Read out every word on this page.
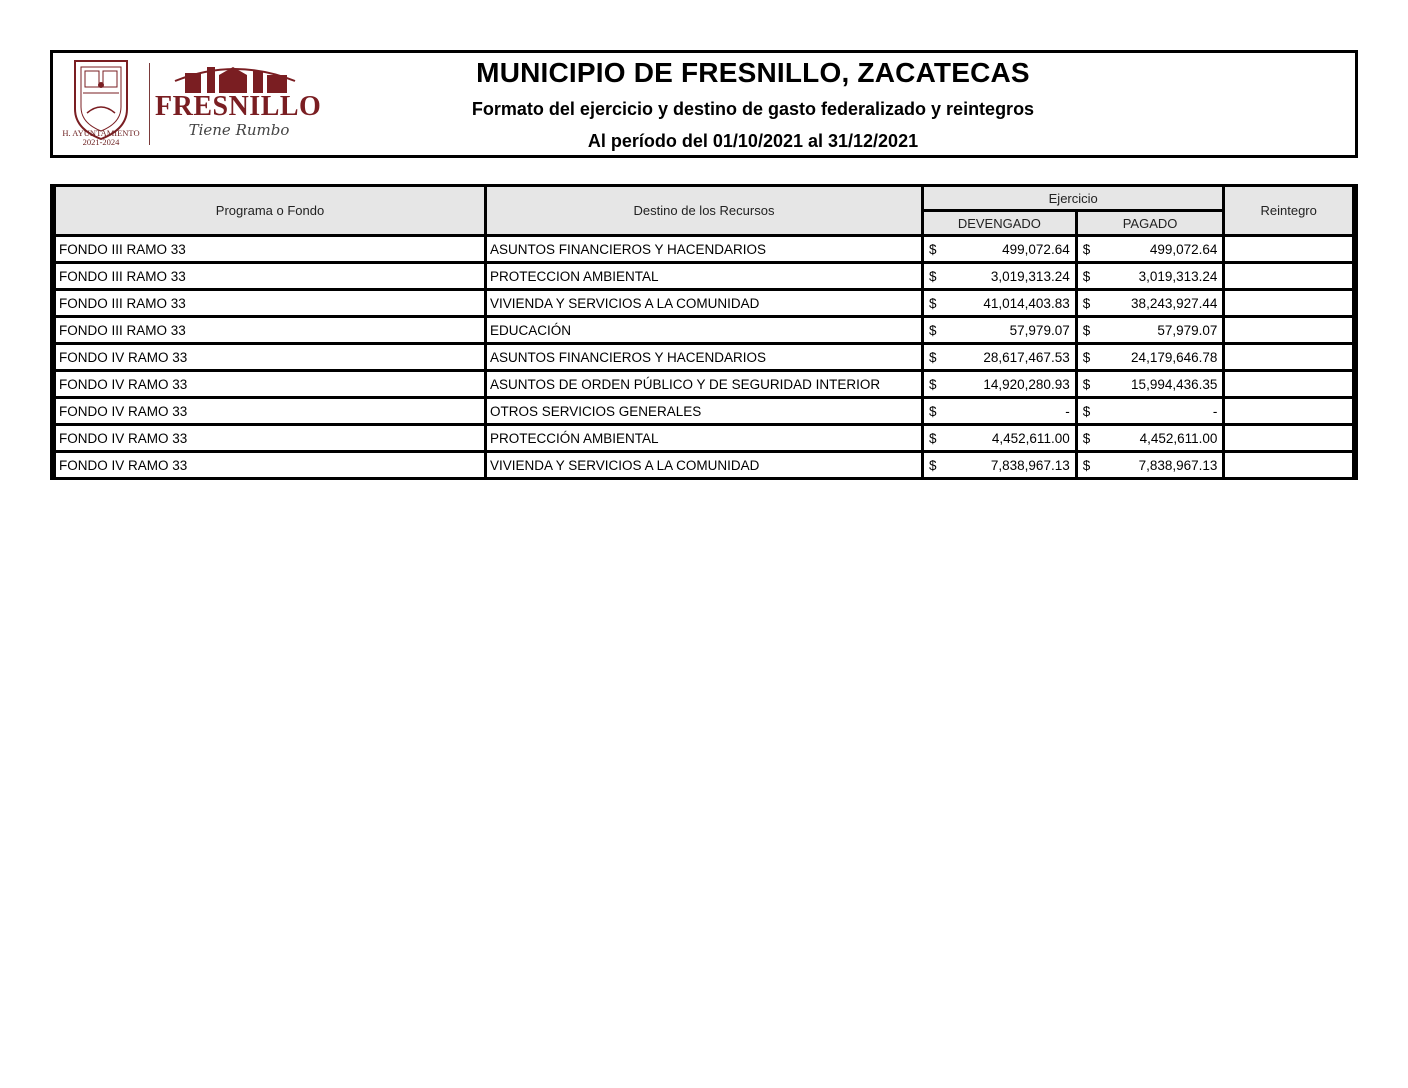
H. AYUNTAMIENTO
2021-2024
FRESNILLO
Tiene Rumbo
MUNICIPIO DE FRESNILLO, ZACATECAS
Formato del ejercicio y destino de gasto federalizado y reintegros
Al período del 01/10/2021 al 31/12/2021
Programa o Fondo	Destino de los Recursos	Ejercicio		Reintegro
		DEVENGADO	PAGADO	
FONDO III RAMO 33	ASUNTOS FINANCIEROS Y HACENDARIOS	$ 499,072.64	$ 499,072.64	

FONDO III RAMO 33	PROTECCION AMBIENTAL	$ 3,019,313.24	$ 3,019,313.24	

FONDO III RAMO 33	VIVIENDA Y SERVICIOS A LA COMUNIDAD	$ 41,014,403.83	$ 38,243,927.44	

FONDO III RAMO 33	EDUCACIÓN	$ 57,979.07	$ 57,979.07	

FONDO IV RAMO 33	ASUNTOS FINANCIEROS Y HACENDARIOS	$ 28,617,467.53	$ 24,179,646.78	

FONDO IV RAMO 33	ASUNTOS DE ORDEN PÚBLICO Y DE SEGURIDAD INTERIOR	$ 14,920,280.93	$ 15,994,436.35	

FONDO IV RAMO 33	OTROS SERVICIOS GENERALES	$ -	$ -	

FONDO IV RAMO 33	PROTECCIÓN AMBIENTAL	$ 4,452,611.00	$ 4,452,611.00	

FONDO IV RAMO 33	VIVIENDA Y SERVICIOS A LA COMUNIDAD	$ 7,838,967.13	$ 7,838,967.13	
